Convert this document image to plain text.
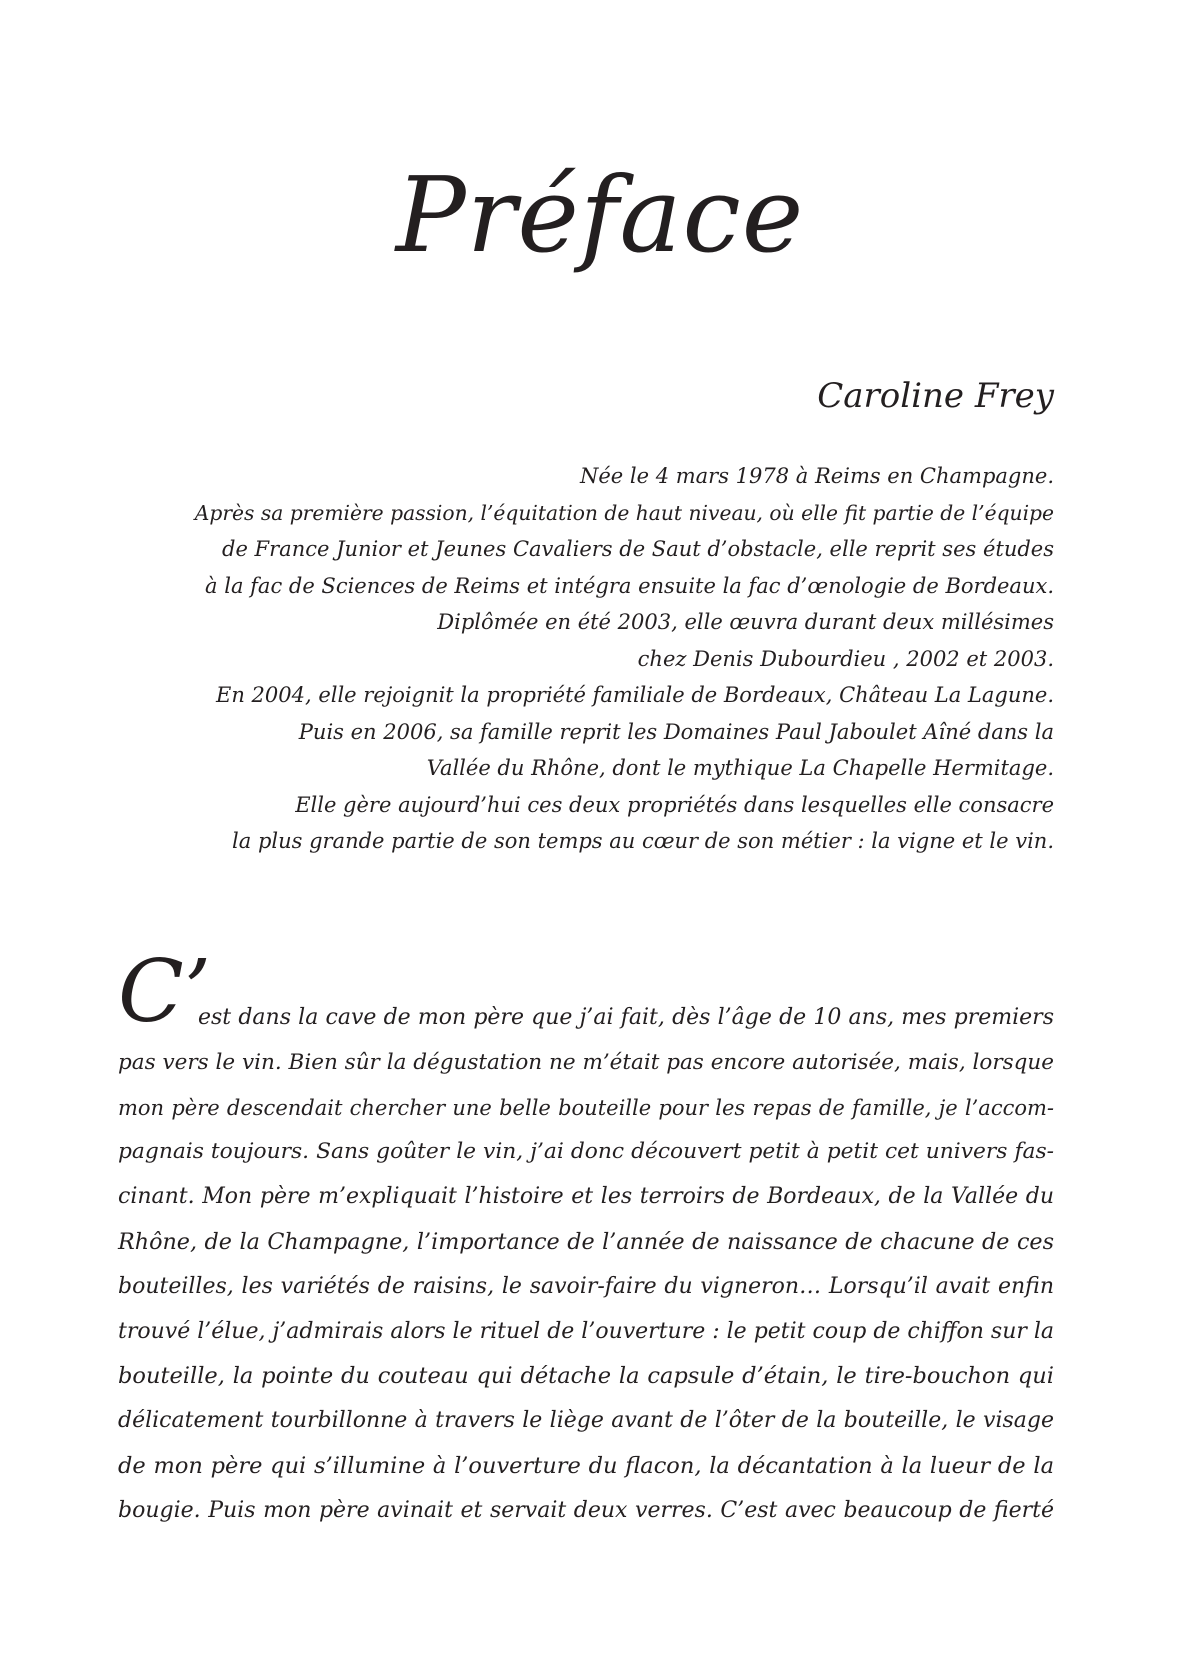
Préface
Caroline Frey
Née le 4 mars 1978 à Reims en Champagne.
Après sa première passion, l’équitation de haut niveau, où elle fit partie de l’équipe
de France Junior et Jeunes Cavaliers de Saut d’obstacle, elle reprit ses études
à la fac de Sciences de Reims et intégra ensuite la fac d’œnologie de Bordeaux.
Diplômée en été 2003, elle œuvra durant deux millésimes
chez Denis Dubourdieu , 2002 et 2003.
En 2004, elle rejoignit la propriété familiale de Bordeaux, Château La Lagune.
Puis en 2006, sa famille reprit les Domaines Paul Jaboulet Aîné dans la
Vallée du Rhône, dont le mythique La Chapelle Hermitage.
Elle gère aujourd’hui ces deux propriétés dans lesquelles elle consacre
la plus grande partie de son temps au cœur de son métier : la vigne et le vin.
C’
est dans la cave de mon père que j’ai fait, dès l’âge de 10 ans, mes premiers
pas vers le vin. Bien sûr la dégustation ne m’était pas encore autorisée, mais, lorsque
mon père descendait chercher une belle bouteille pour les repas de famille, je l’accom-
pagnais toujours. Sans goûter le vin, j’ai donc découvert petit à petit cet univers fas-
cinant. Mon père m’expliquait l’histoire et les terroirs de Bordeaux, de la Vallée du
Rhône, de la Champagne, l’importance de l’année de naissance de chacune de ces
bouteilles, les variétés de raisins, le savoir-faire du vigneron… Lorsqu’il avait enfin
trouvé l’élue, j’admirais alors le rituel de l’ouverture : le petit coup de chiffon sur la
bouteille, la pointe du couteau qui détache la capsule d’étain, le tire-bouchon qui
délicatement tourbillonne à travers le liège avant de l’ôter de la bouteille, le visage
de mon père qui s’illumine à l’ouverture du flacon, la décantation à la lueur de la
bougie. Puis mon père avinait et servait deux verres. C’est avec beaucoup de fierté
